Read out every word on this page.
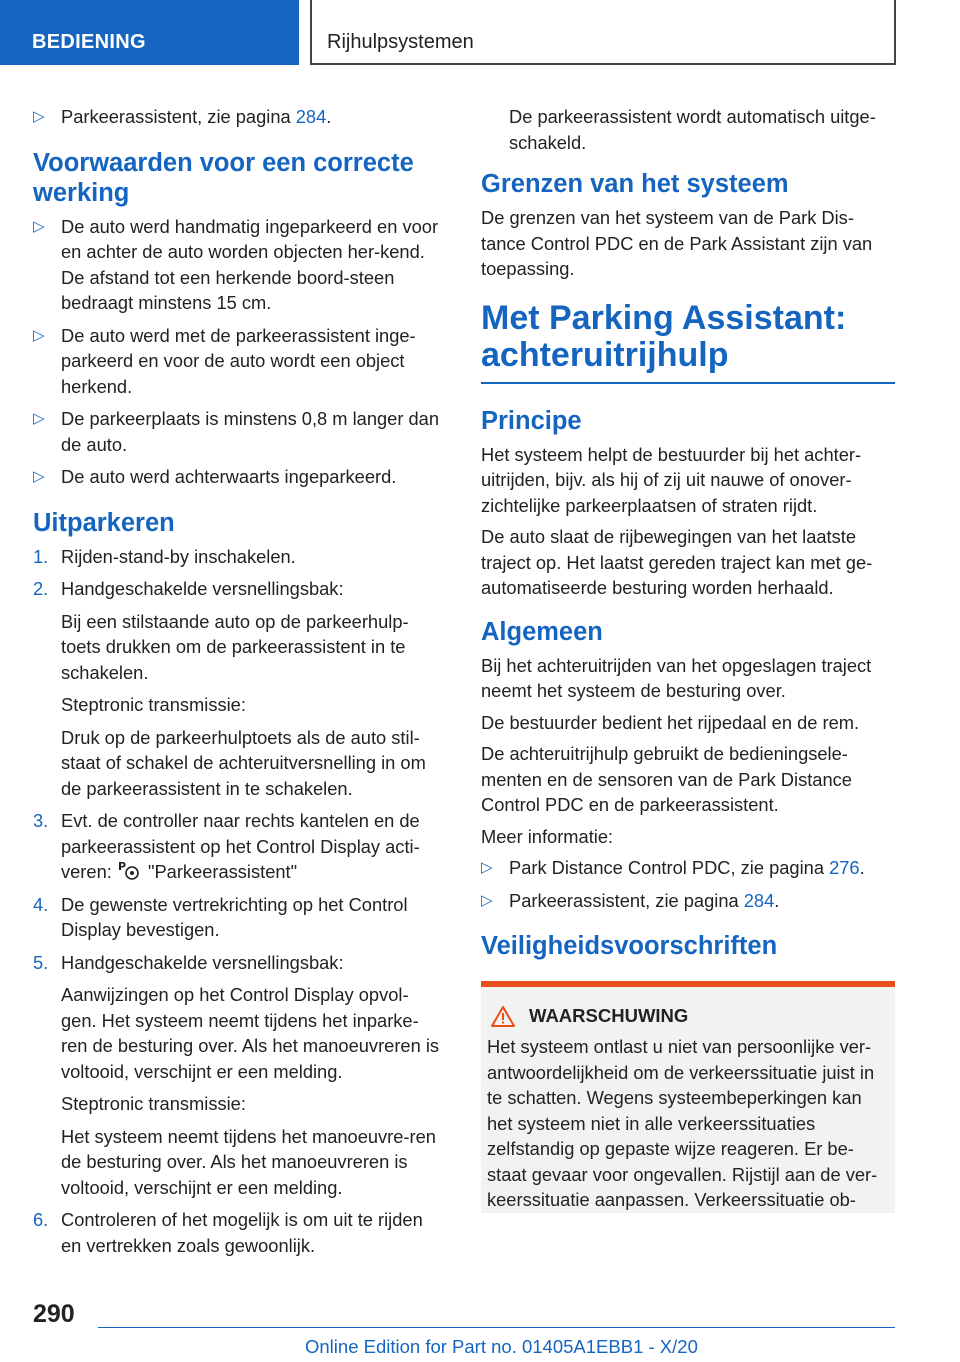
BEDIENING	Rijhulpsystemen
▷ Parkeerassistent, zie pagina 284.
Voorwaarden voor een correcte werking
▷ De auto werd handmatig ingeparkeerd en voor en achter de auto worden objecten her-kend. De afstand tot een herkende boord-steen bedraagt minstens 15 cm.
▷ De auto werd met de parkeerassistent inge-parkeerd en voor de auto wordt een object herkend.
▷ De parkeerplaats is minstens 0,8 m langer dan de auto.
▷ De auto werd achterwaarts ingeparkeerd.
Uitparkeren
1. Rijden-stand-by inschakelen.
2. Handgeschakelde versnellingsbak:
Bij een stilstaande auto op de parkeerhulp-toets drukken om de parkeerassistent in te schakelen.
Steptronic transmissie:
Druk op de parkeerhulptoets als de auto stil-staat of schakel de achteruitversnelling in om de parkeerassistent in te schakelen.
3. Evt. de controller naar rechts kantelen en de parkeerassistent op het Control Display acti-veren: P "Parkeerassistent"
4. De gewenste vertrekrichting op het Control Display bevestigen.
5. Handgeschakelde versnellingsbak:
Aanwijzingen op het Control Display opvol-gen. Het systeem neemt tijdens het inparke-ren de besturing over. Als het manoeuvreren is voltooid, verschijnt er een melding.
Steptronic transmissie:
Het systeem neemt tijdens het manoeuvre-ren de besturing over. Als het manoeuvreren is voltooid, verschijnt er een melding.
6. Controleren of het mogelijk is om uit te rijden en vertrekken zoals gewoonlijk.

De parkeerassistent wordt automatisch uitge-schakeld.

Grenzen van het systeem

De grenzen van het systeem van de Park Dis-tance Control PDC en de Park Assistant zijn van toepassing.

Met Parking Assistant:
achteruitrijhulp
Principe

Het systeem helpt de bestuurder bij het achter-uitrijden, bijv. als hij of zij uit nauwe of onover-zichtelijke parkeerplaatsen of straten rijdt.

De auto slaat de rijbewegingen van het laatste traject op. Het laatst gereden traject kan met ge-automatiseerde besturing worden herhaald.

Algemeen

Bij het achteruitrijden van het opgeslagen traject neemt het systeem de besturing over.

De bestuurder bedient het rijpedaal en de rem.

De achteruitrijhulp gebruikt de bedieningsele-menten en de sensoren van de Park Distance Control PDC en de parkeerassistent.

Meer informatie:

▷ Park Distance Control PDC, zie pagina 276.
▷ Parkeerassistent, zie pagina 284.
Veiligheidsvoorschriften
WAARSCHUWING

Het systeem ontlast u niet van persoonlijke ver-antwoordelijkheid om de verkeerssituatie juist in te schatten. Wegens systeembeperkingen kan het systeem niet in alle verkeerssituaties zelfstandig op gepaste wijze reageren. Er be-staat gevaar voor ongevallen. Rijstijl aan de ver-keerssituatie aanpassen. Verkeerssituatie ob-

290
Online Edition for Part no. 01405A1EBB1 - X/20
